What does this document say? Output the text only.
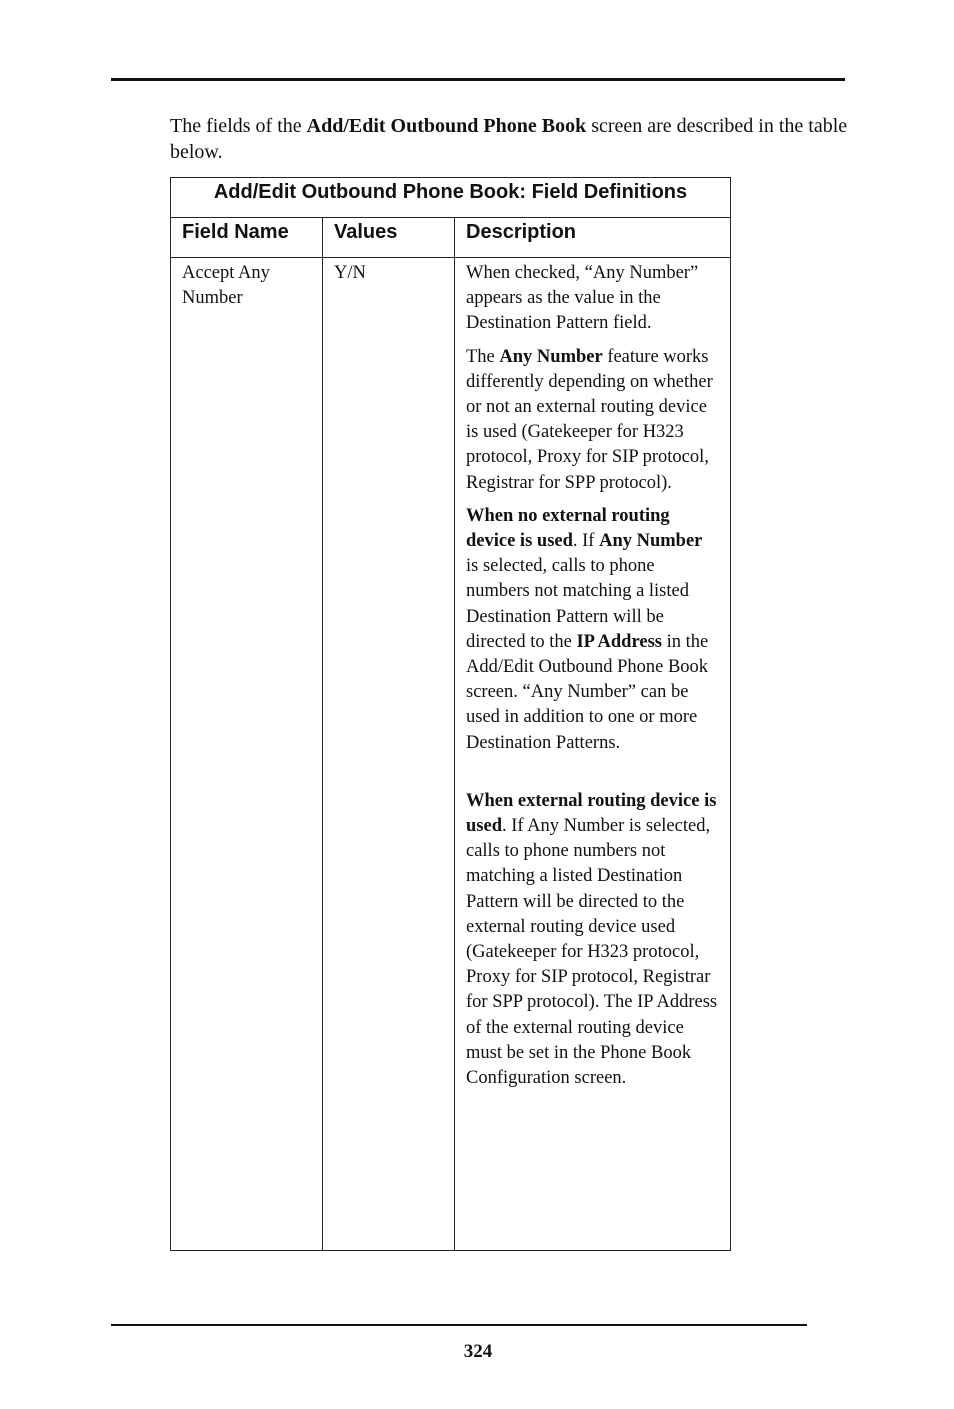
The fields of the Add/Edit Outbound Phone Book screen are described in the table below.
Add/Edit Outbound Phone Book: Field Definitions		
Field Name	Values	Description
Accept Any Number	Y/N	When checked, “Any Number” appears as the value in the Destination Pattern field.

The Any Number feature works differently depending on whether or not an external routing device is used (Gatekeeper for H323 protocol, Proxy for SIP protocol, Registrar for SPP protocol).

When no external routing device is used. If Any Number is selected, calls to phone numbers not matching a listed Destination Pattern will be directed to the IP Address in the Add/Edit Outbound Phone Book screen. “Any Number” can be used in addition to one or more Destination Patterns.

When external routing device is used. If Any Number is selected, calls to phone numbers not matching a listed Destination Pattern will be directed to the external routing device used (Gatekeeper for H323 protocol, Proxy for SIP protocol, Registrar for SPP protocol). The IP Address of the external routing device must be set in the Phone Book Configuration screen.

324
